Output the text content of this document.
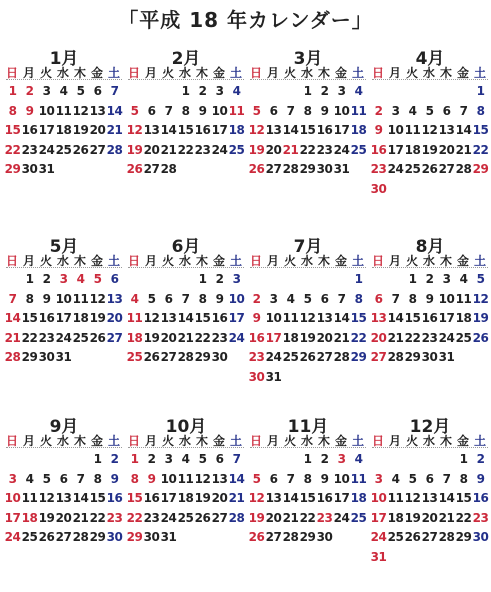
「平成 18 年カレンダー」
1月
日 月 火 水 木 金 土
1 2 3 4 5 6 7
8 9 10 11 12 13 14
15 16 17 18 19 20 21
22 23 24 25 26 27 28
29 30 31
2月
日 月 火 水 木 金 土
1 2 3 4
5 6 7 8 9 10 11
12 13 14 15 16 17 18
19 20 21 22 23 24 25
26 27 28
3月
日 月 火 水 木 金 土
1 2 3 4
5 6 7 8 9 10 11
12 13 14 15 16 17 18
19 20 21 22 23 24 25
26 27 28 29 30 31
4月
日 月 火 水 木 金 土
1
2 3 4 5 6 7 8
9 10 11 12 13 14 15
16 17 18 19 20 21 22
23 24 25 26 27 28 29
30
5月
日 月 火 水 木 金 土
1 2 3 4 5 6
7 8 9 10 11 12 13
14 15 16 17 18 19 20
21 22 23 24 25 26 27
28 29 30 31
6月
日 月 火 水 木 金 土
1 2 3
4 5 6 7 8 9 10
11 12 13 14 15 16 17
18 19 20 21 22 23 24
25 26 27 28 29 30
7月
日 月 火 水 木 金 土
1
2 3 4 5 6 7 8
9 10 11 12 13 14 15
16 17 18 19 20 21 22
23 24 25 26 27 28 29
30 31
8月
日 月 火 水 木 金 土
1 2 3 4 5
6 7 8 9 10 11 12
13 14 15 16 17 18 19
20 21 22 23 24 25 26
27 28 29 30 31
9月
日 月 火 水 木 金 土
1 2
3 4 5 6 7 8 9
10 11 12 13 14 15 16
17 18 19 20 21 22 23
24 25 26 27 28 29 30
10月
日 月 火 水 木 金 土
1 2 3 4 5 6 7
8 9 10 11 12 13 14
15 16 17 18 19 20 21
22 23 24 25 26 27 28
29 30 31
11月
日 月 火 水 木 金 土
1 2 3 4
5 6 7 8 9 10 11
12 13 14 15 16 17 18
19 20 21 22 23 24 25
26 27 28 29 30
12月
日 月 火 水 木 金 土
1 2
3 4 5 6 7 8 9
10 11 12 13 14 15 16
17 18 19 20 21 22 23
24 25 26 27 28 29 30
31
